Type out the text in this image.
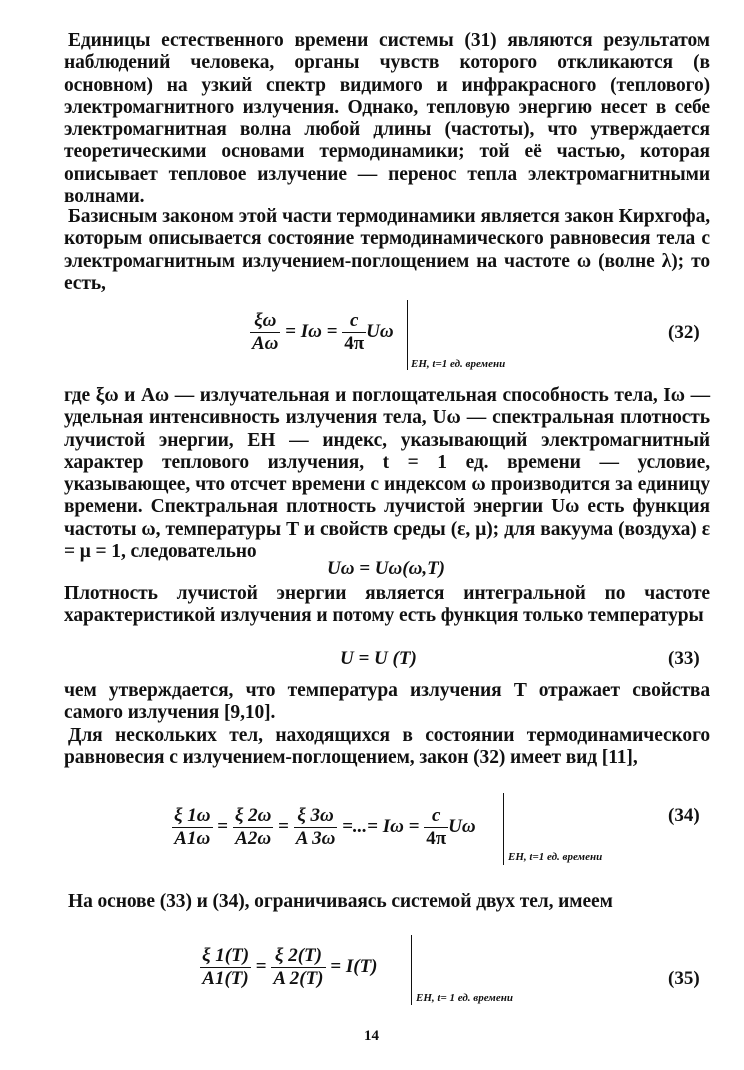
Единицы естественного времени системы (31) являются результатом наблюдений человека, органы чувств которого откликаются (в основном) на узкий спектр видимого и инфракрасного (теплового) электромагнитного излучения. Однако, тепловую энергию несет в себе электромагнитная волна любой длины (частоты), что утверждается теоретическими основами термодинамики; той её частью, которая описывает тепловое излучение — перенос тепла электромагнитными волнами.
Базисным законом этой части термодинамики является закон Кирхгофа, которым описывается состояние термодинамического равновесия тела с электромагнитным излучением-поглощением на частоте ω (волне λ); то есть,
$\frac{\xi\omega}{A\omega} = I\omega = \frac{c}{4\pi}$ Uω
EH, t=1 ед. времени
(32)
где ξω и Aω — излучательная и поглощательная способность тела, Iω — удельная интенсивность излучения тела, Uω — спектральная плотность лучистой энергии, EH — индекс, указывающий электромагнитный характер теплового излучения, t = 1 ед. времени — условие, указывающее, что отсчет времени с индексом ω производится за единицу времени. Спектральная плотность лучистой энергии Uω есть функция частоты ω, температуры T и свойств среды (ε, μ); для вакуума (воздуха) ε = μ = 1, следовательно
Uω = Uω(ω,T)
Плотность лучистой энергии является интегральной по частоте характеристикой излучения и потому есть функция только температуры
U = U (T)	(33)
чем утверждается, что температура излучения T отражает свойства самого излучения [9,10].
Для нескольких тел, находящихся в состоянии термодинамического равновесия с излучением-поглощением, закон (32) имеет вид [11],
$\frac{\xi 1\omega}{A1\omega} = \frac{\xi 2\omega}{A2\omega} = \frac{\xi 3\omega}{A 3\omega}$ =...= $I\omega = \frac{c}{4\pi}$ Uω
EH, t=1 ед. времени
(34)
На основе (33) и (34), ограничиваясь системой двух тел, имеем
$\frac{\xi 1(T)}{A1(T)} = \frac{\xi 2(T)}{A 2(T)} = I(T)$
EH, t= 1 ед. времени
(35)
14
